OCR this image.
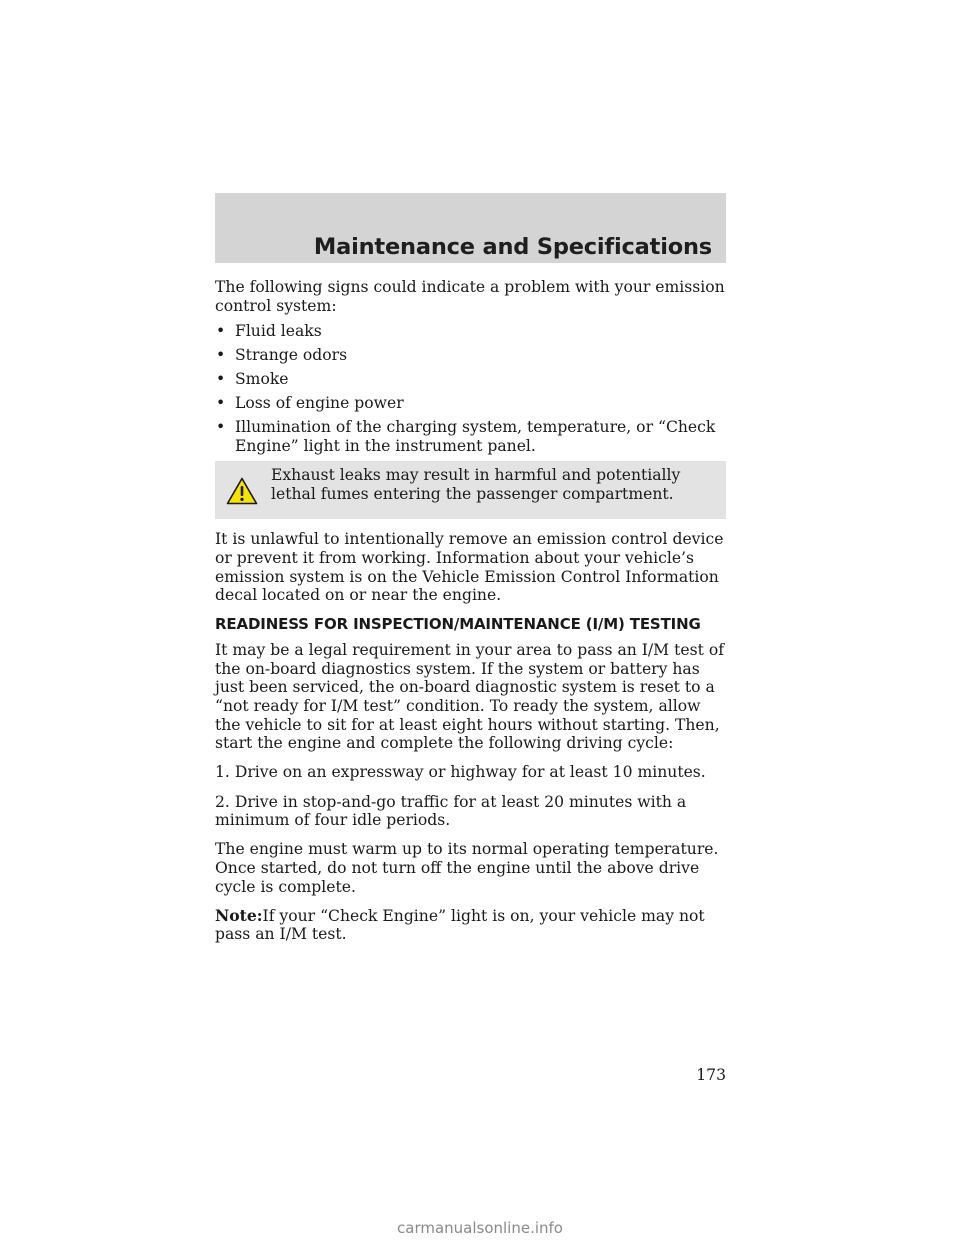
Maintenance and Specifications

The following signs could indicate a problem with your emission control system:

• Fluid leaks
• Strange odors
• Smoke
• Loss of engine power
• Illumination of the charging system, temperature, or “Check Engine” light in the instrument panel.
Exhaust leaks may result in harmful and potentially lethal fumes entering the passenger compartment.

It is unlawful to intentionally remove an emission control device or prevent it from working. Information about your vehicle’s emission system is on the Vehicle Emission Control Information decal located on or near the engine.

READINESS FOR INSPECTION/MAINTENANCE (I/M) TESTING

It may be a legal requirement in your area to pass an I/M test of the on-board diagnostics system. If the system or battery has just been serviced, the on-board diagnostic system is reset to a “not ready for I/M test” condition. To ready the system, allow the vehicle to sit for at least eight hours without starting. Then, start the engine and complete the following driving cycle:

1. Drive on an expressway or highway for at least 10 minutes.

2. Drive in stop-and-go traffic for at least 20 minutes with a minimum of four idle periods.

The engine must warm up to its normal operating temperature. Once started, do not turn off the engine until the above drive cycle is complete.

Note:If your “Check Engine” light is on, your vehicle may not pass an I/M test.

173
carmanualsonline.info
